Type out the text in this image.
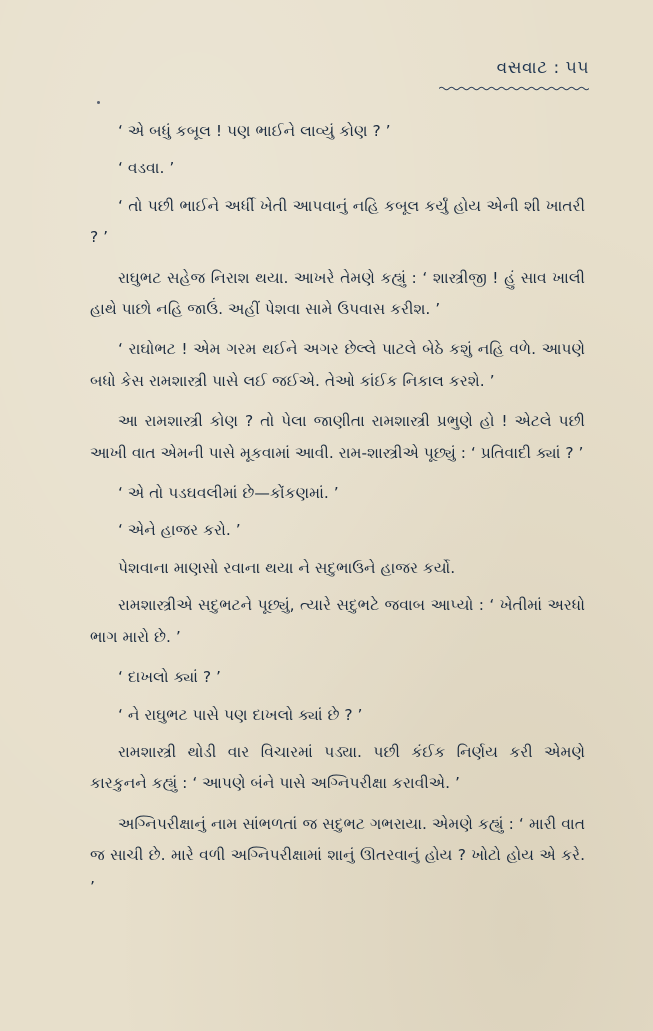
વસવાટ : ૫૫

‘ એ બધું કબૂલ ! પણ ભાઈને લાવ્યું કોણ ? ’

‘ વડવા. ’

‘ તો પછી ભાઈને અર્ધી ખેતી આપવાનું નહિ કબૂલ કર્યું હોય એની શી ખાતરી ? ’

રાઘુભટ સહેજ નિરાશ થયા. આખરે તેમણે કહ્યું : ‘ શાસ્ત્રીજી ! હું સાવ ખાલી હાથે પાછો નહિ જાઉં. અહીં પેશવા સામે ઉપવાસ કરીશ. ’

‘ રાઘોભટ ! એમ ગરમ થઈને અગર છેલ્લે પાટલે બેઠે કશું નહિ વળે. આપણે બધો કેસ રામશાસ્ત્રી પાસે લઈ જઈએ. તેઓ કાંઈક નિકાલ કરશે. ’

આ રામશાસ્ત્રી કોણ ? તો પેલા જાણીતા રામશાસ્ત્રી પ્રભુણે હો ! એટલે પછી આખી વાત એમની પાસે મૂકવામાં આવી. રામ-શાસ્ત્રીએ પૂછ્યું : ‘ પ્રતિવાદી ક્યાં ? ’

‘ એ તો પડઘવલીમાં છે—કોંકણમાં. ’

‘ એને હાજર કરો. ’

પેશવાના માણસો રવાના થયા ને સદુભાઉને હાજર કર્યો.

રામશાસ્ત્રીએ સદુભટને પૂછ્યું, ત્યારે સદુભટે જવાબ આપ્યો : ‘ ખેતીમાં અરધો ભાગ મારો છે. ’

‘ દાખલો ક્યાં ? ’

‘ ને રાઘુભટ પાસે પણ દાખલો ક્યાં છે ? ’

રામશાસ્ત્રી થોડી વાર વિચારમાં પડ્યા. પછી કંઈક નિર્ણય કરી એમણે કારકુનને કહ્યું : ‘ આપણે બંને પાસે અગ્નિપરીક્ષા કરાવીએ. ’

અગ્નિપરીક્ષાનું નામ સાંભળતાં જ સદુભટ ગભરાયા. એમણે કહ્યું : ‘ મારી વાત જ સાચી છે. મારે વળી અગ્નિપરીક્ષામાં શાનું ઊતરવાનું હોય ? ખોટો હોય એ કરે. ’
